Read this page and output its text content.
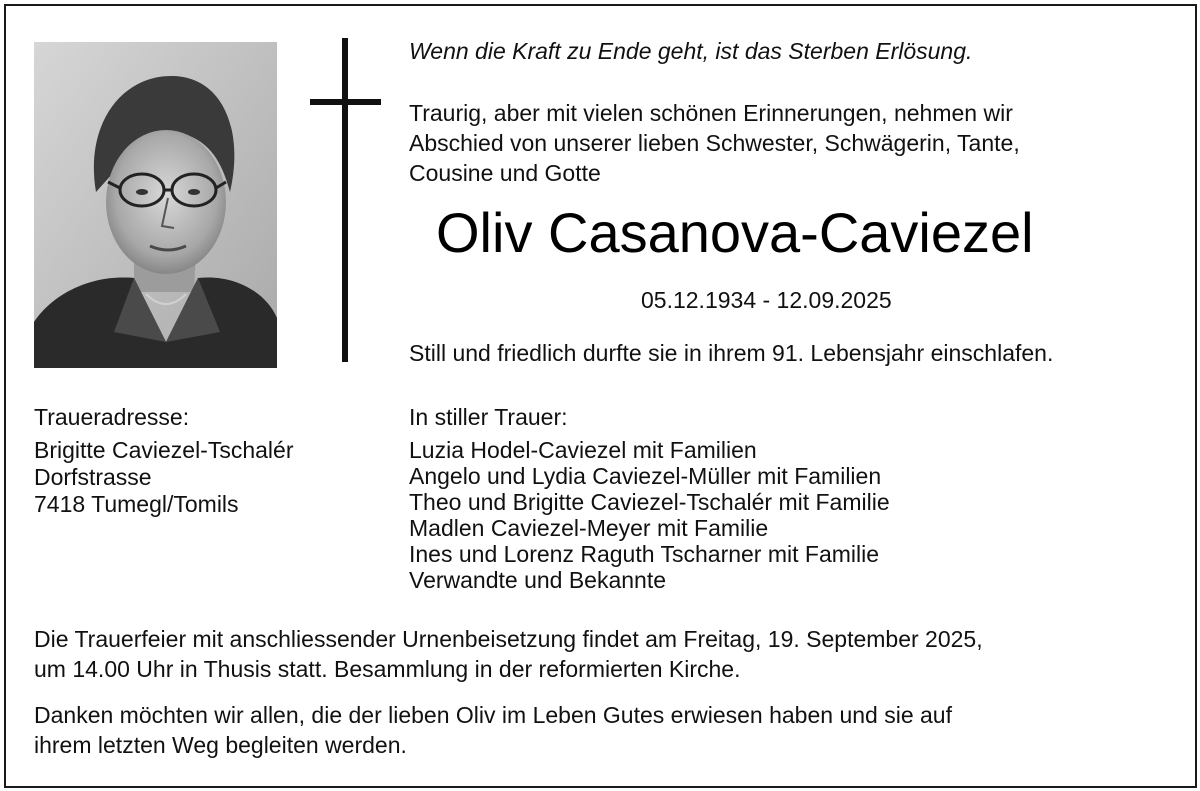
Wenn die Kraft zu Ende geht, ist das Sterben Erlösung.
Traurig, aber mit vielen schönen Erinnerungen, nehmen wir
Abschied von unserer lieben Schwester, Schwägerin, Tante,
Cousine und Gotte
Oliv Casanova-Caviezel
05.12.1934 - 12.09.2025
Still und friedlich durfte sie in ihrem 91. Lebensjahr einschlafen.
Traueradresse:
Brigitte Caviezel-Tschalér
Dorfstrasse
7418 Tumegl/Tomils
In stiller Trauer:
Luzia Hodel-Caviezel mit Familien
Angelo und Lydia Caviezel-Müller mit Familien
Theo und Brigitte Caviezel-Tschalér mit Familie
Madlen Caviezel-Meyer mit Familie
Ines und Lorenz Raguth Tscharner mit Familie
Verwandte und Bekannte
Die Trauerfeier mit anschliessender Urnenbeisetzung findet am Freitag, 19. September 2025,
um 14.00 Uhr in Thusis statt. Besammlung in der reformierten Kirche.
Danken möchten wir allen, die der lieben Oliv im Leben Gutes erwiesen haben und sie auf
ihrem letzten Weg begleiten werden.
